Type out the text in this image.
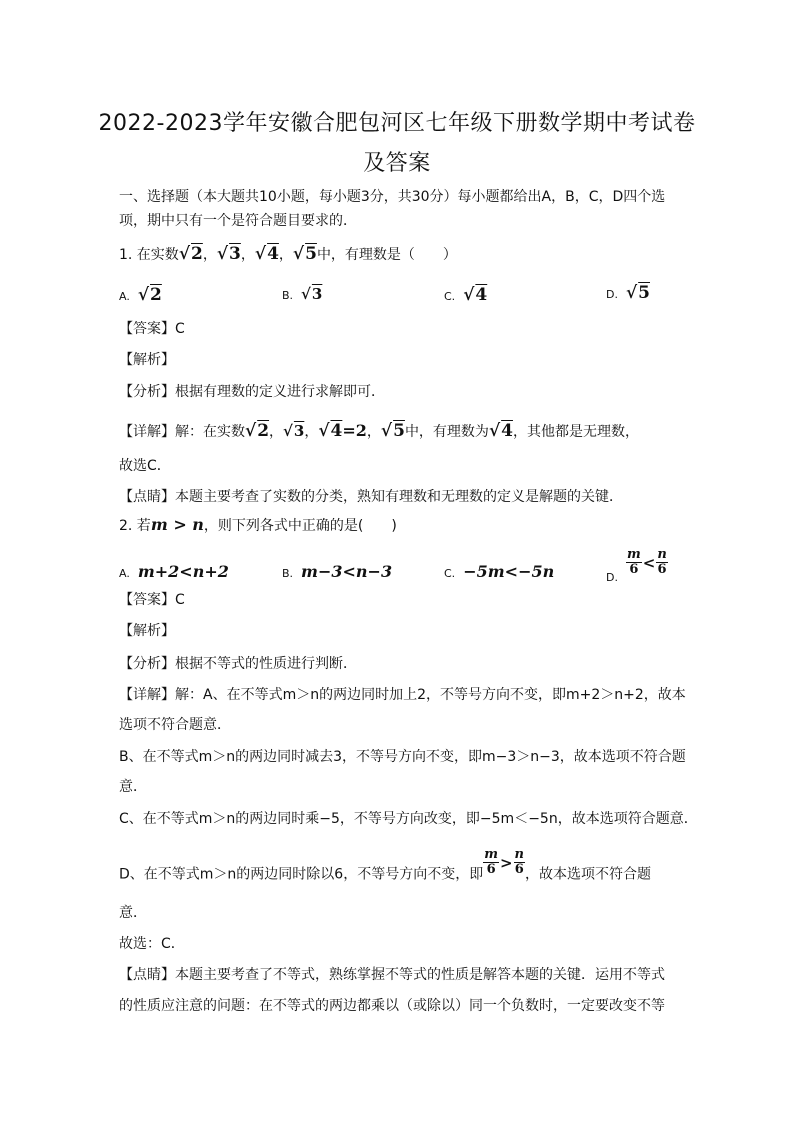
2022-2023学年安徽合肥包河区七年级下册数学期中考试卷
及答案
一、选择题（本大题共10小题，每小题3分，共30分）每小题都给出A，B，C，D四个选
项，期中只有一个是符合题目要求的．
1. 在实数√2，√3，√4，√5中，有理数是（　　）
A. √2	B. √3	C. √4	D. √5
【答案】C
【解析】
【分析】根据有理数的定义进行求解即可．
【详解】解：在实数√2，√3，√4=2，√5中，有理数为√4，其他都是无理数，
故选C．
【点睛】本题主要考查了实数的分类，熟知有理数和无理数的定义是解题的关键．
2. 若m > n，则下列各式中正确的是(　　)
A. m+2<n+2	B. m−3<n−3	C. −5m<−5n	$_{D.} \frac{m}{6} < \frac{n}{6}$
【答案】C
【解析】
【分析】根据不等式的性质进行判断．
【详解】解：A、在不等式m＞n的两边同时加上2，不等号方向不变，即m+2＞n+2，故本
选项不符合题意．
B、在不等式m＞n的两边同时减去3，不等号方向不变，即m−3＞n−3，故本选项不符合题
意．
C、在不等式m＞n的两边同时乘−5，不等号方向改变，即−5m＜−5n，故本选项符合题意．
D、在不等式m＞n的两边同时除以6，不等号方向不变，即 $\frac{m}{6} > \frac{n}{6}$ ，故本选项不符合题
意．
故选：C．
【点睛】本题主要考查了不等式，熟练掌握不等式的性质是解答本题的关键．运用不等式
的性质应注意的问题：在不等式的两边都乘以（或除以）同一个负数时，一定要改变不等
